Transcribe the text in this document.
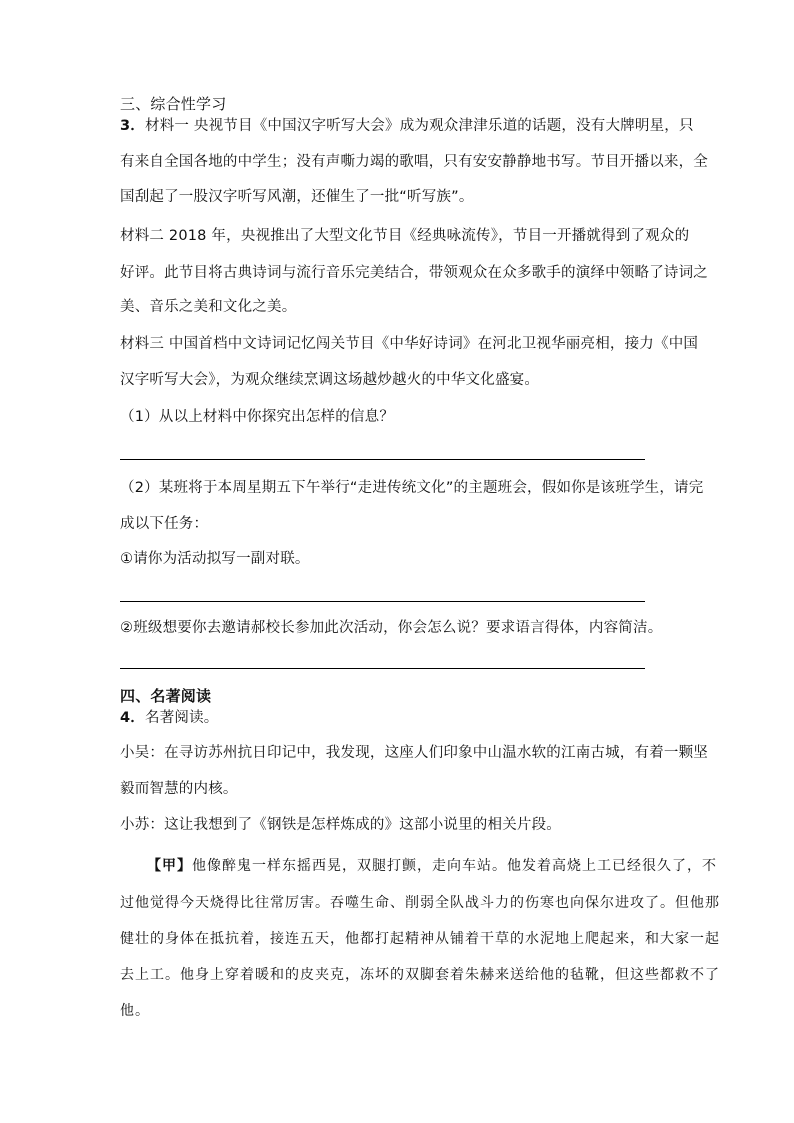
三、综合性学习
3．材料一 央视节目《中国汉字听写大会》成为观众津津乐道的话题，没有大牌明星，只
有来自全国各地的中学生；没有声嘶力竭的歌唱，只有安安静静地书写。节目开播以来，全
国刮起了一股汉字听写风潮，还催生了一批“听写族”。
材料二 2018 年，央视推出了大型文化节目《经典咏流传》，节目一开播就得到了观众的
好评。此节目将古典诗词与流行音乐完美结合，带领观众在众多歌手的演绎中领略了诗词之
美、音乐之美和文化之美。
材料三 中国首档中文诗词记忆闯关节目《中华好诗词》在河北卫视华丽亮相，接力《中国
汉字听写大会》，为观众继续烹调这场越炒越火的中华文化盛宴。
（1）从以上材料中你探究出怎样的信息？
（2）某班将于本周星期五下午举行“走进传统文化”的主题班会，假如你是该班学生，请完
成以下任务：
①请你为活动拟写一副对联。
②班级想要你去邀请郝校长参加此次活动，你会怎么说？要求语言得体，内容简洁。
四、名著阅读
4．名著阅读。
小吴：在寻访苏州抗日印记中，我发现，这座人们印象中山温水软的江南古城，有着一颗坚
毅而智慧的内核。
小苏：这让我想到了《钢铁是怎样炼成的》这部小说里的相关片段。
【甲】他像醉鬼一样东摇西晃，双腿打颤，走向车站。他发着高烧上工已经很久了，不
过他觉得今天烧得比往常厉害。吞噬生命、削弱全队战斗力的伤寒也向保尔进攻了。但他那
健壮的身体在抵抗着，接连五天，他都打起精神从铺着干草的水泥地上爬起来，和大家一起
去上工。他身上穿着暖和的皮夹克，冻坏的双脚套着朱赫来送给他的毡靴，但这些都救不了
他。
